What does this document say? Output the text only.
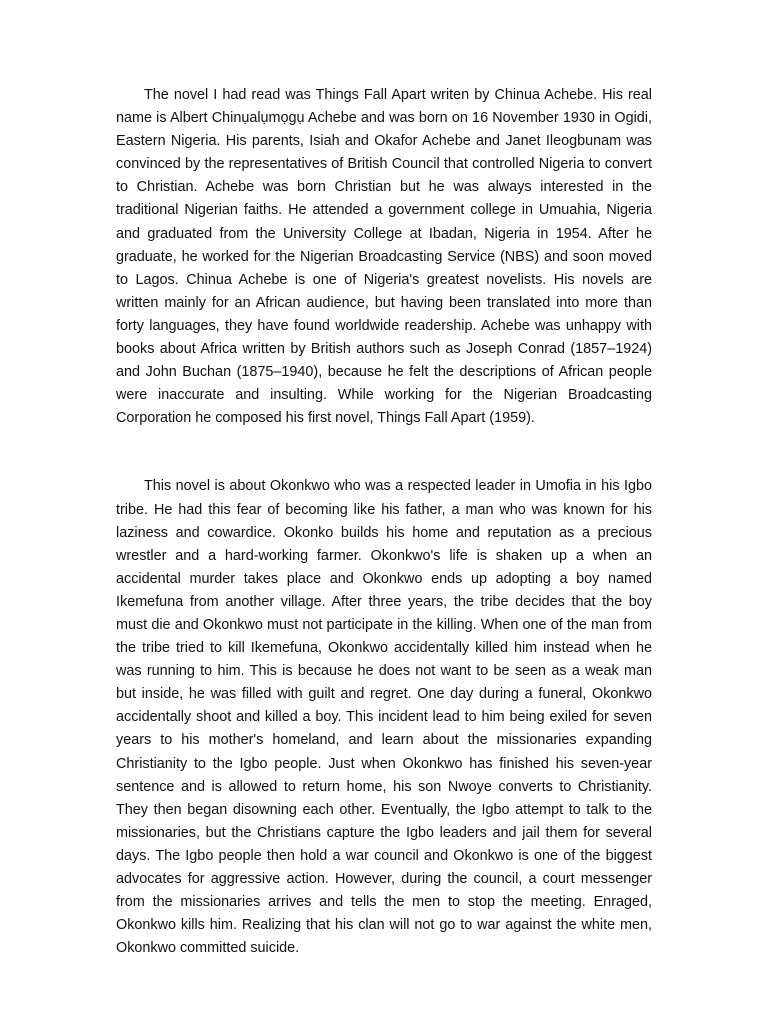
The novel I had read was Things Fall Apart writen by Chinua Achebe. His real name is Albert Chinụalụmọgụ Achebe and was born on 16 November 1930 in Ogidi, Eastern Nigeria. His parents, Isiah and Okafor Achebe and Janet Ileogbunam was convinced by the representatives of British Council that controlled Nigeria to convert to Christian. Achebe was born Christian but he was always interested in the traditional Nigerian faiths. He attended a government college in Umuahia, Nigeria and graduated from the University College at Ibadan, Nigeria in 1954. After he graduate, he worked for the Nigerian Broadcasting Service (NBS) and soon moved to Lagos. Chinua Achebe is one of Nigeria's greatest novelists. His novels are written mainly for an African audience, but having been translated into more than forty languages, they have found worldwide readership. Achebe was unhappy with books about Africa written by British authors such as Joseph Conrad (1857–1924) and John Buchan (1875–1940), because he felt the descriptions of African people were inaccurate and insulting. While working for the Nigerian Broadcasting Corporation he composed his first novel, Things Fall Apart (1959).

This novel is about Okonkwo who was a respected leader in Umofia in his Igbo tribe. He had this fear of becoming like his father, a man who was known for his laziness and cowardice. Okonko builds his home and reputation as a precious wrestler and a hard-working farmer. Okonkwo's life is shaken up a when an accidental murder takes place and Okonkwo ends up adopting a boy named Ikemefuna from another village. After three years, the tribe decides that the boy must die and Okonkwo must not participate in the killing. When one of the man from the tribe tried to kill Ikemefuna, Okonkwo accidentally killed him instead when he was running to him. This is because he does not want to be seen as a weak man but inside, he was filled with guilt and regret. One day during a funeral, Okonkwo accidentally shoot and killed a boy. This incident lead to him being exiled for seven years to his mother's homeland, and learn about the missionaries expanding Christianity to the Igbo people. Just when Okonkwo has finished his seven-year sentence and is allowed to return home, his son Nwoye converts to Christianity. They then began disowning each other. Eventually, the Igbo attempt to talk to the missionaries, but the Christians capture the Igbo leaders and jail them for several days. The Igbo people then hold a war council and Okonkwo is one of the biggest advocates for aggressive action. However, during the council, a court messenger from the missionaries arrives and tells the men to stop the meeting. Enraged, Okonkwo kills him. Realizing that his clan will not go to war against the white men, Okonkwo committed suicide.
